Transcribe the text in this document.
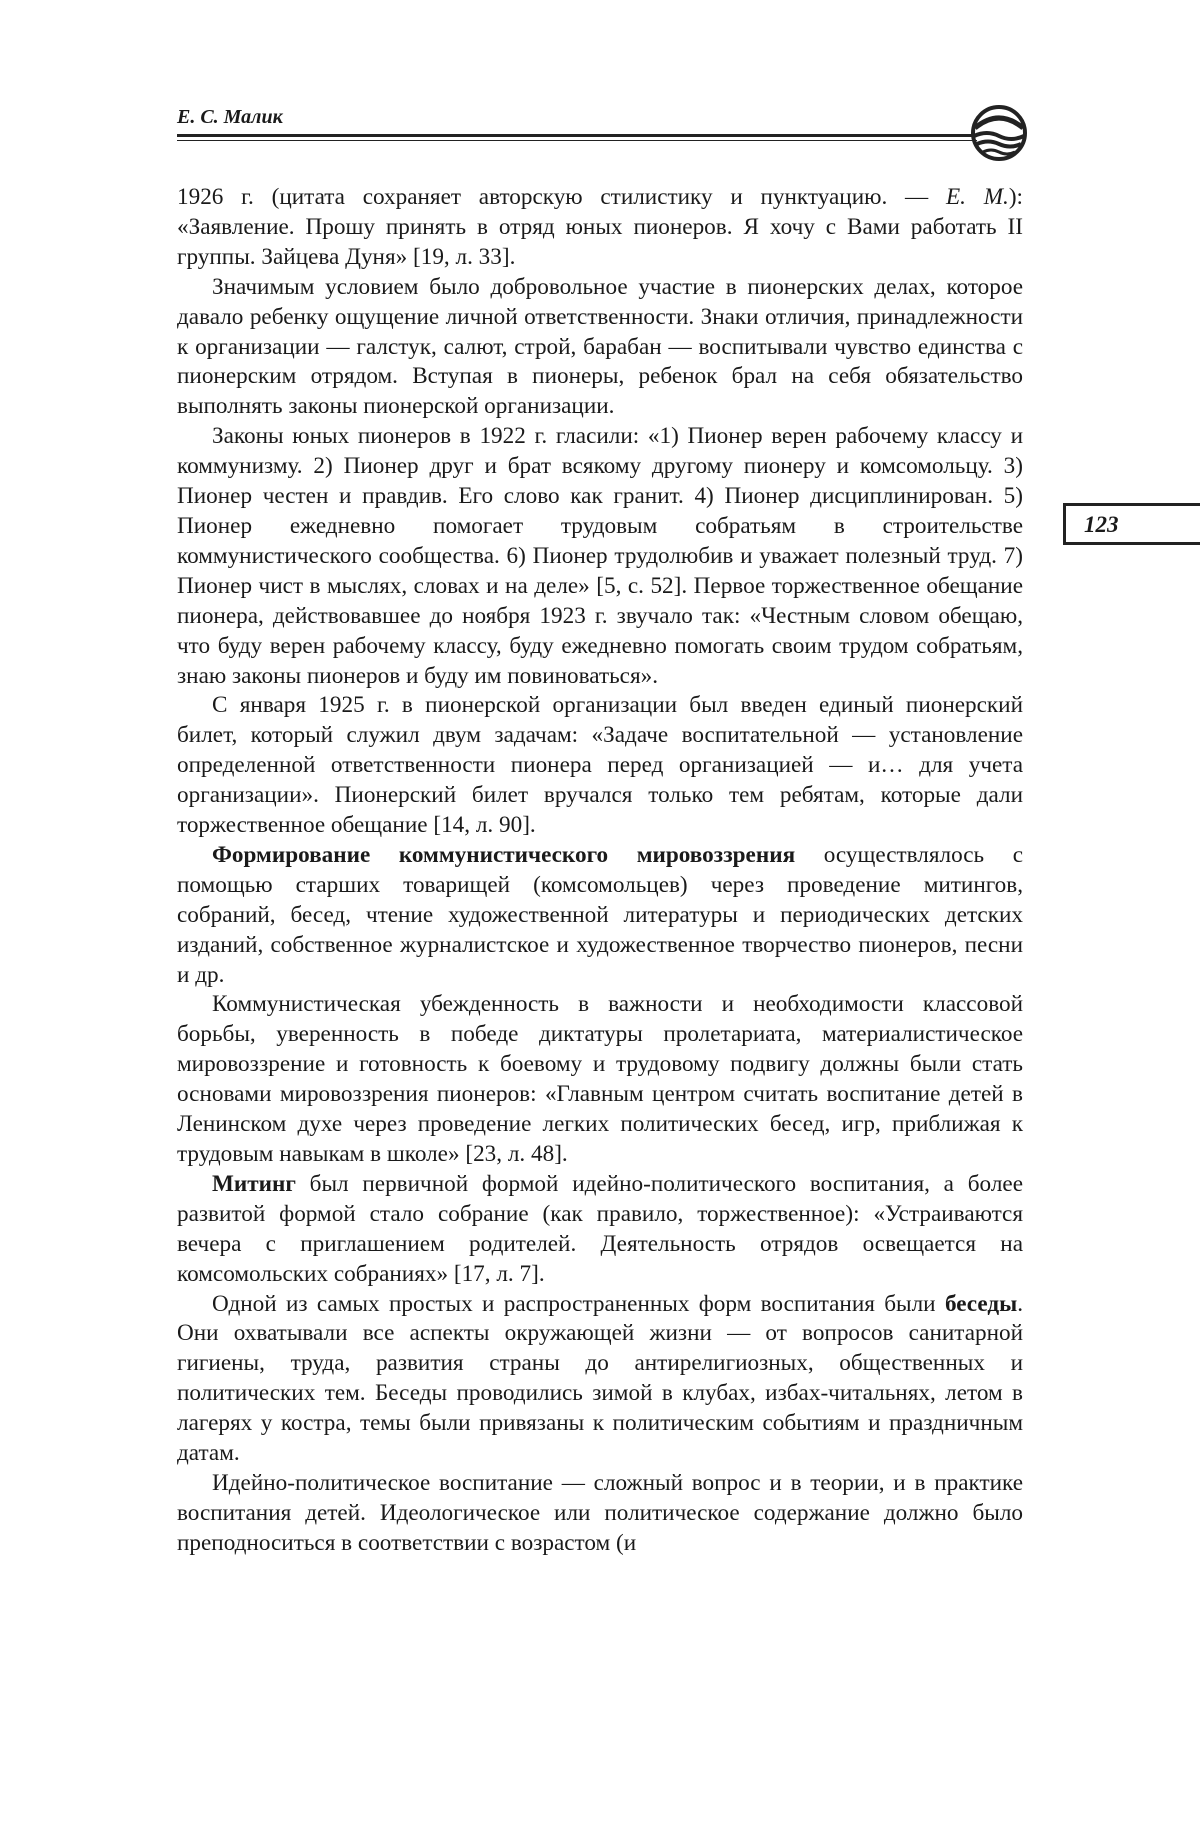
Е. С. Малик
123

1926 г. (цитата сохраняет авторскую стилистику и пунктуацию. — Е. М.): «Заявление. Прошу принять в отряд юных пионеров. Я хочу с Вами работать II группы. Зайцева Дуня» [19, л. 33].

Значимым условием было добровольное участие в пионерских делах, которое давало ребенку ощущение личной ответственности. Знаки отличия, принадлежности к организации — галстук, салют, строй, барабан — воспитывали чувство единства с пионерским отрядом. Вступая в пионеры, ребенок брал на себя обязательство выполнять законы пионерской организации.

Законы юных пионеров в 1922 г. гласили: «1) Пионер верен рабочему классу и коммунизму. 2) Пионер друг и брат всякому другому пионеру и комсомольцу. 3) Пионер честен и правдив. Его слово как гранит. 4) Пионер дисциплинирован. 5) Пионер ежедневно помогает трудовым собратьям в строительстве коммунистического сообщества. 6) Пионер трудолюбив и уважает полезный труд. 7) Пионер чист в мыслях, словах и на деле» [5, с. 52]. Первое торжественное обещание пионера, действовавшее до ноября 1923 г. звучало так: «Честным словом обещаю, что буду верен рабочему классу, буду ежедневно помогать своим трудом собратьям, знаю законы пионеров и буду им повиноваться».

С января 1925 г. в пионерской организации был введен единый пионерский билет, который служил двум задачам: «Задаче воспитательной — установление определенной ответственности пионера перед организацией — и… для учета организации». Пионерский билет вручался только тем ребятам, которые дали торжественное обещание [14, л. 90].

Формирование коммунистического мировоззрения осуществлялось с помощью старших товарищей (комсомольцев) через проведение митингов, собраний, бесед, чтение художественной литературы и периодических детских изданий, собственное журналистское и художественное творчество пионеров, песни и др.

Коммунистическая убежденность в важности и необходимости классовой борьбы, уверенность в победе диктатуры пролетариата, материалистическое мировоззрение и готовность к боевому и трудовому подвигу должны были стать основами мировоззрения пионеров: «Главным центром считать воспитание детей в Ленинском духе через проведение легких политических бесед, игр, приближая к трудовым навыкам в школе» [23, л. 48].

Митинг был первичной формой идейно-политического воспитания, а более развитой формой стало собрание (как правило, торжественное): «Устраиваются вечера с приглашением родителей. Деятельность отрядов освещается на комсомольских собраниях» [17, л. 7].

Одной из самых простых и распространенных форм воспитания были беседы. Они охватывали все аспекты окружающей жизни — от вопросов санитарной гигиены, труда, развития страны до антирелигиозных, общественных и политических тем. Беседы проводились зимой в клубах, избах-читальнях, летом в лагерях у костра, темы были привязаны к политическим событиям и праздничным датам.

Идейно-политическое воспитание — сложный вопрос и в теории, и в практике воспитания детей. Идеологическое или политическое содержание должно было преподноситься в соответствии с возрастом (и
